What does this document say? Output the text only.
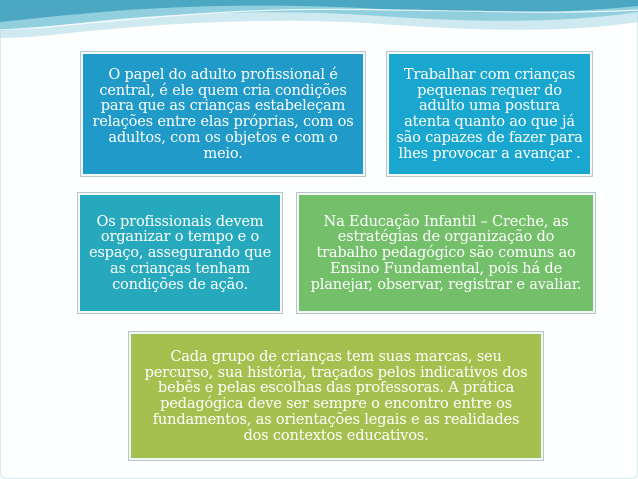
O papel do adulto profissional é
central, é ele quem cria condições
para que as crianças estabeleçam
relações entre elas próprias, com os
adultos, com os objetos e com o
meio.
Trabalhar com crianças
pequenas requer do
adulto uma postura
atenta quanto ao que já
são capazes de fazer para
lhes provocar a avançar .
Os profissionais devem
organizar o tempo e o
espaço, assegurando que
as crianças tenham
condições de ação.
Na Educação Infantil – Creche, as
estratégias de organização do
trabalho pedagógico são comuns ao
Ensino Fundamental, pois há de
planejar, observar, registrar e avaliar.
Cada grupo de crianças tem suas marcas, seu
percurso, sua história, traçados pelos indicativos dos
bebês e pelas escolhas das professoras. A prática
pedagógica deve ser sempre o encontro entre os
fundamentos, as orientações legais e as realidades
dos contextos educativos.
